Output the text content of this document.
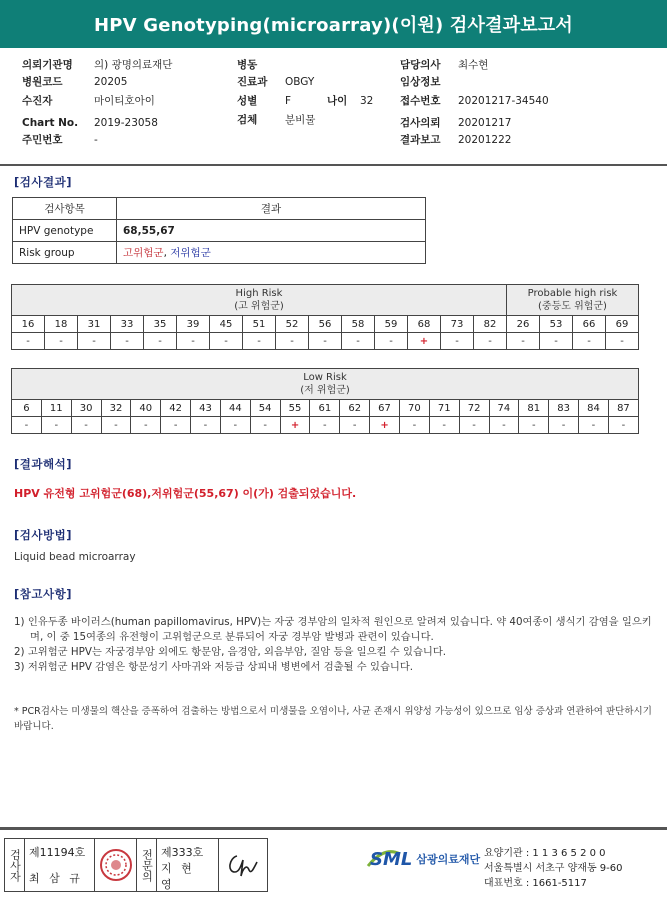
HPV Genotyping(microarray)(이원) 검사결과보고서
의뢰기관명 의) 광명의료재단
병원코드	20205
수진자	마이티호아이
Chart No. 2019-23058
주민번호	-
병동
진료과 OBGY
성별	F	나이 32
검체	분비물
담당의사 최수현
임상정보
접수번호 20201217-34540
검사의뢰 20201217
결과보고 20201222
[검사결과]
검사항목	결과
HPV genotype	68,55,67
Risk group	고위험군, 저위험군
High Risk
(고 위험군)															Probable high risk
(중등도 위험군)			
16	18	31	33	35	39	45	51	52	56	58	59	68	73	82	26	53	66	69
-	-	-	-	-	-	-	-	-	-	-	-	+	-	-	-	-	-	-
Low Risk
(저 위험군)																				
6	11	30	32	40	42	43	44	54	55	61	62	67	70	71	72	74	81	83	84	87
-	-	-	-	-	-	-	-	-	+	-	-	+	-	-	-	-	-	-	-	-
[결과해석]
HPV 유전형 고위험군(68),저위험군(55,67) 이(가) 검출되었습니다.
[검사방법]
Liquid bead microarray
[참고사항]
1) 인유두종 바이러스(human papillomavirus, HPV)는 자궁 경부암의 일차적 원인으로 알려져 있습니다. 약 40여종이 생식기 감염을 일으키며, 이 중 15여종의 유전형이 고위험군으로 분류되어 자궁 경부암 발병과 관련이 있습니다.
2) 고위험군 HPV는 자궁경부암 외에도 항문암, 음경암, 외음부암, 질암 등을 일으킬 수 있습니다.
3) 저위험군 HPV 감염은 항문성기 사마귀와 저등급 상피내 병변에서 검출될 수 있습니다.
* PCR검사는 미생물의 핵산을 증폭하여 검출하는 방법으로서 미생물을 오염이나, 사균 존재시 위양성 가능성이 있으므로 임상 증상과 연관하여 판단하시기 바랍니다.
검사자 제11194호
최 삼 규	전문의 제333호
지 현 영
SML 삼광의료재단 요양기관 : 1 1 3 6 5 2 0 0
서울특별시 서초구 양재동 9-60
대표번호 : 1661-5117
